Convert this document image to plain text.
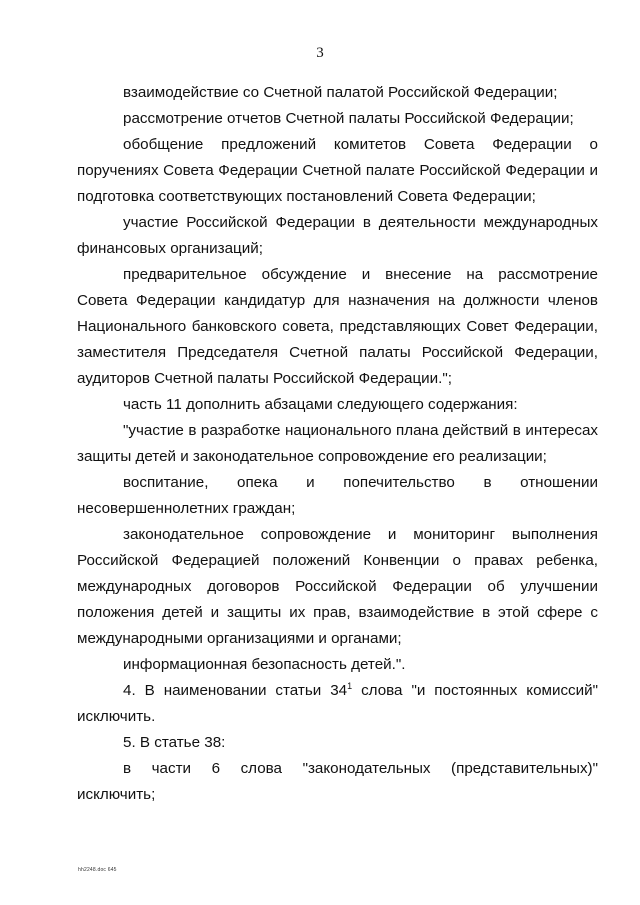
3

взаимодействие со Счетной палатой Российской Федерации;

рассмотрение отчетов Счетной палаты Российской Федерации;

обобщение предложений комитетов Совета Федерации о поручениях Совета Федерации Счетной палате Российской Федерации и подготовка соответствующих постановлений Совета Федерации;

участие Российской Федерации в деятельности международных финансовых организаций;

предварительное обсуждение и внесение на рассмотрение Совета Федерации кандидатур для назначения на должности членов Национального банковского совета, представляющих Совет Федерации, заместителя Председателя Счетной палаты Российской Федерации, аудиторов Счетной палаты Российской Федерации.";

часть 11 дополнить абзацами следующего содержания:

"участие в разработке национального плана действий в интересах защиты детей и законодательное сопровождение его реализации;

воспитание, опека и попечительство в отношении несовершеннолетних граждан;

законодательное сопровождение и мониторинг выполнения Российской Федерацией положений Конвенции о правах ребенка, международных договоров Российской Федерации об улучшении положения детей и защиты их прав, взаимодействие в этой сфере с международными организациями и органами;

информационная безопасность детей.".

4. В наименовании статьи $34^1$ слова "и постоянных комиссий" исключить.

5. В статье 38:

в части 6 слова "законодательных (представительных)" исключить;

hh2248.doc 645
